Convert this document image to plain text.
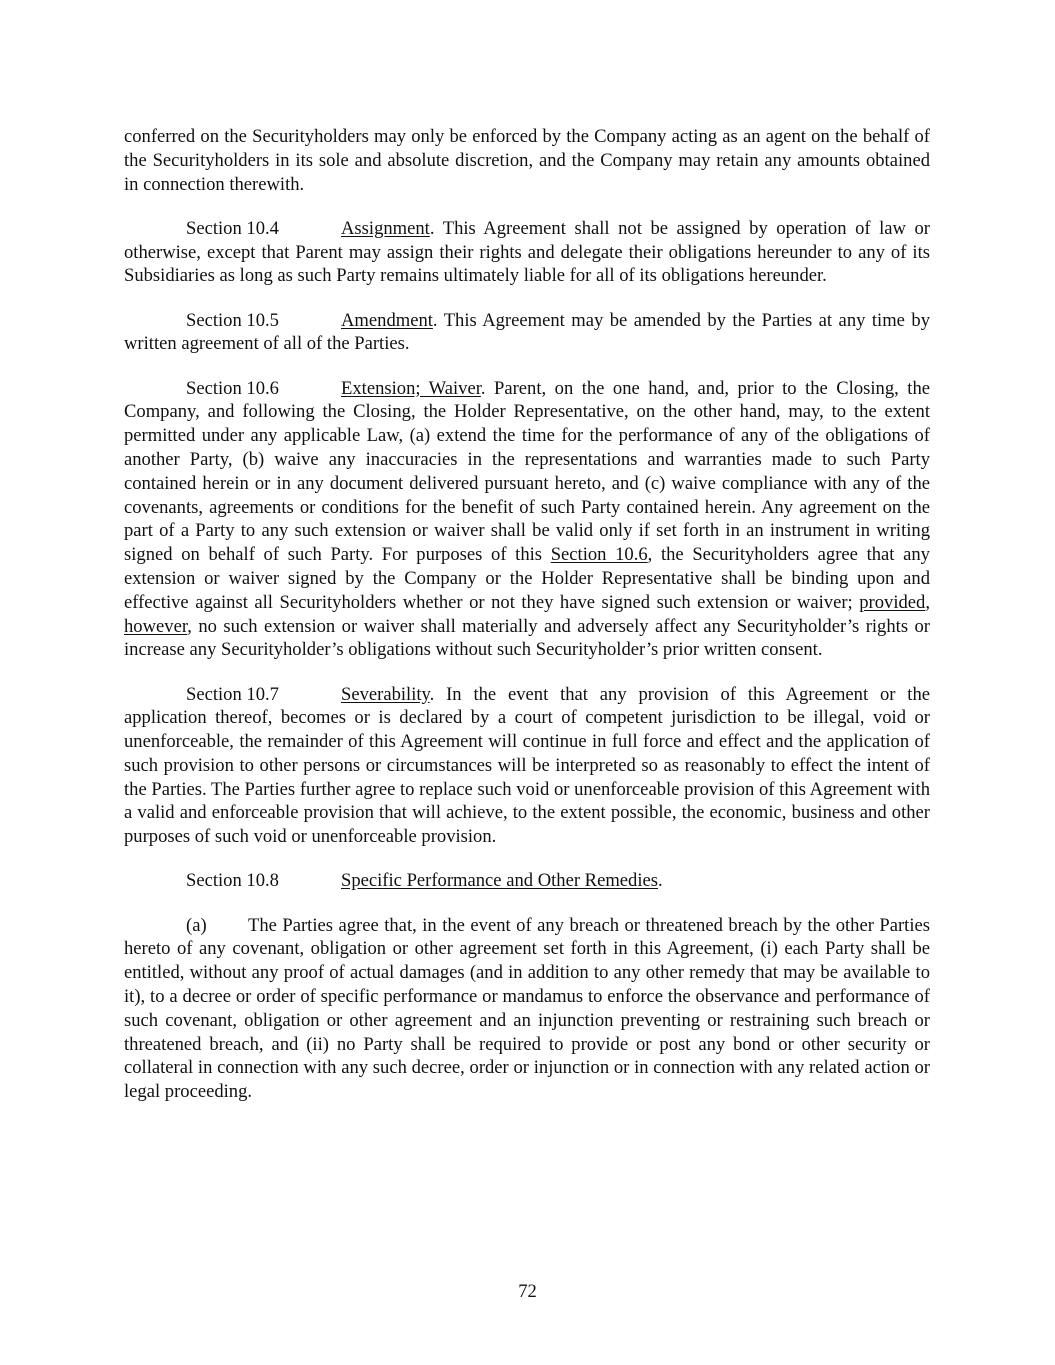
conferred on the Securityholders may only be enforced by the Company acting as an agent on the behalf of the Securityholders in its sole and absolute discretion, and the Company may retain any amounts obtained in connection therewith.

Section 10.4	Assignment. This Agreement shall not be assigned by operation of law or otherwise, except that Parent may assign their rights and delegate their obligations hereunder to any of its Subsidiaries as long as such Party remains ultimately liable for all of its obligations hereunder.

Section 10.5	Amendment. This Agreement may be amended by the Parties at any time by written agreement of all of the Parties.

Section 10.6	Extension; Waiver. Parent, on the one hand, and, prior to the Closing, the Company, and following the Closing, the Holder Representative, on the other hand, may, to the extent permitted under any applicable Law, (a) extend the time for the performance of any of the obligations of another Party, (b) waive any inaccuracies in the representations and warranties made to such Party contained herein or in any document delivered pursuant hereto, and (c) waive compliance with any of the covenants, agreements or conditions for the benefit of such Party contained herein. Any agreement on the part of a Party to any such extension or waiver shall be valid only if set forth in an instrument in writing signed on behalf of such Party. For purposes of this Section 10.6, the Securityholders agree that any extension or waiver signed by the Company or the Holder Representative shall be binding upon and effective against all Securityholders whether or not they have signed such extension or waiver; provided, however, no such extension or waiver shall materially and adversely affect any Securityholder’s rights or increase any Securityholder’s obligations without such Securityholder’s prior written consent.

Section 10.7	Severability. In the event that any provision of this Agreement or the application thereof, becomes or is declared by a court of competent jurisdiction to be illegal, void or unenforceable, the remainder of this Agreement will continue in full force and effect and the application of such provision to other persons or circumstances will be interpreted so as reasonably to effect the intent of the Parties. The Parties further agree to replace such void or unenforceable provision of this Agreement with a valid and enforceable provision that will achieve, to the extent possible, the economic, business and other purposes of such void or unenforceable provision.

Section 10.8	Specific Performance and Other Remedies.

(a) The Parties agree that, in the event of any breach or threatened breach by the other Parties hereto of any covenant, obligation or other agreement set forth in this Agreement, (i) each Party shall be entitled, without any proof of actual damages (and in addition to any other remedy that may be available to it), to a decree or order of specific performance or mandamus to enforce the observance and performance of such covenant, obligation or other agreement and an injunction preventing or restraining such breach or threatened breach, and (ii) no Party shall be required to provide or post any bond or other security or collateral in connection with any such decree, order or injunction or in connection with any related action or legal proceeding.

72
